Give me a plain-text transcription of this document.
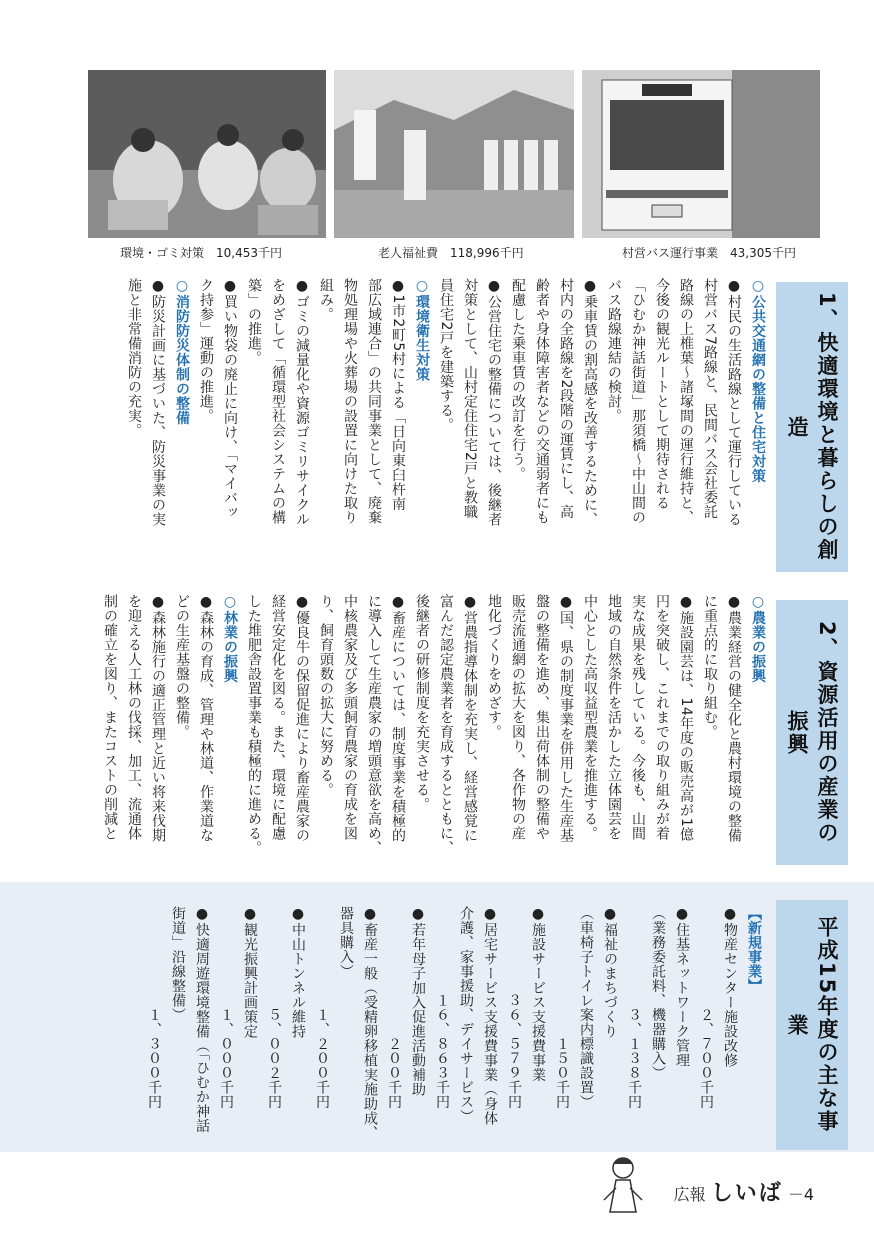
環境・ゴミ対策　10,453千円	老人福祉費　118,996千円	村営バス運行事業　43,305千円
1、快適環境と暮らしの創造
○公共交通網の整備と住宅対策
●村民の生活路線として運行している
村営バス7路線と、民間バス会社委託
路線の上椎葉～諸塚間の運行維持と、
今後の観光ルートとして期待される
「ひむか神話街道」那須橋～中山間の
バス路線連結の検討。
●乗車賃の割高感を改善するために、
村内の全路線を2段階の運賃にし、高
齢者や身体障害者などの交通弱者にも
配慮した乗車賃の改訂を行う。
●公営住宅の整備については、後継者
対策として、山村定住住宅2戸と教職
員住宅2戸を建築する。
○環境衛生対策
●1市2町5村による「日向東臼杵南
部広域連合」の共同事業として、廃棄
物処理場や火葬場の設置に向けた取り
組み。
●ゴミの減量化や資源ゴミリサイクル
をめざして「循環型社会システムの構
築」の推進。
●買い物袋の廃止に向け、「マイバッ
ク持参」運動の推進。
○消防防災体制の整備
●防災計画に基づいた、防災事業の実
施と非常備消防の充実。
2、資源活用の産業の振興
○農業の振興
●農業経営の健全化と農村環境の整備
に重点的に取り組む。
●施設園芸は、14年度の販売高が1億
円を突破し、これまでの取り組みが着
実な成果を残している。今後も、山間
地域の自然条件を活かした立体園芸を
中心とした高収益型農業を推進する。
●国、県の制度事業を併用した生産基
盤の整備を進め、集出荷体制の整備や
販売流通網の拡大を図り、各作物の産
地化づくりをめざす。
●営農指導体制を充実し、経営感覚に
富んだ認定農業者を育成するとともに、
後継者の研修制度を充実させる。
●畜産については、制度事業を積極的
に導入して生産農家の増頭意欲を高め、
中核農家及び多頭飼育農家の育成を図
り、飼育頭数の拡大に努める。
●優良牛の保留促進により畜産農家の
経営安定化を図る。また、環境に配慮
した堆肥舎設置事業も積極的に進める。
○林業の振興
●森林の育成、管理や林道、作業道な
どの生産基盤の整備。
●森林施行の適正管理と近い将来伐期
を迎える人工林の伐採、加工、流通体
制の確立を図り、またコストの削減と
平成15年度の主な事業
【新規事業】
●物産センター施設改修
　　　　　　　２、７００千円
●住基ネットワーク管理
（業務委託料、機器購入）
　　　　　　　３、１３８千円
●福祉のまちづくり
（車椅子トイレ案内標識設置）
　　　　　　　　　１５０千円
●施設サービス支援費事業
　　　　　　３６、５７９千円
●居宅サービス支援費事業（身体
介護、家事援助、デイサービス）
　　　　　　１６、８６３千円
●若年母子加入促進活動補助
　　　　　　　　　２００千円
●畜産一般（受精卵移植実施助成、
器具購入）
　　　　　　　１、２００千円
●中山トンネル維持
　　　　　　　５、００２千円
●観光振興計画策定
　　　　　　　１、０００千円
●快適周遊環境整備（「ひむか神話
街道」沿線整備）
　　　　　　　１、３００千円
広報 しいば －4
